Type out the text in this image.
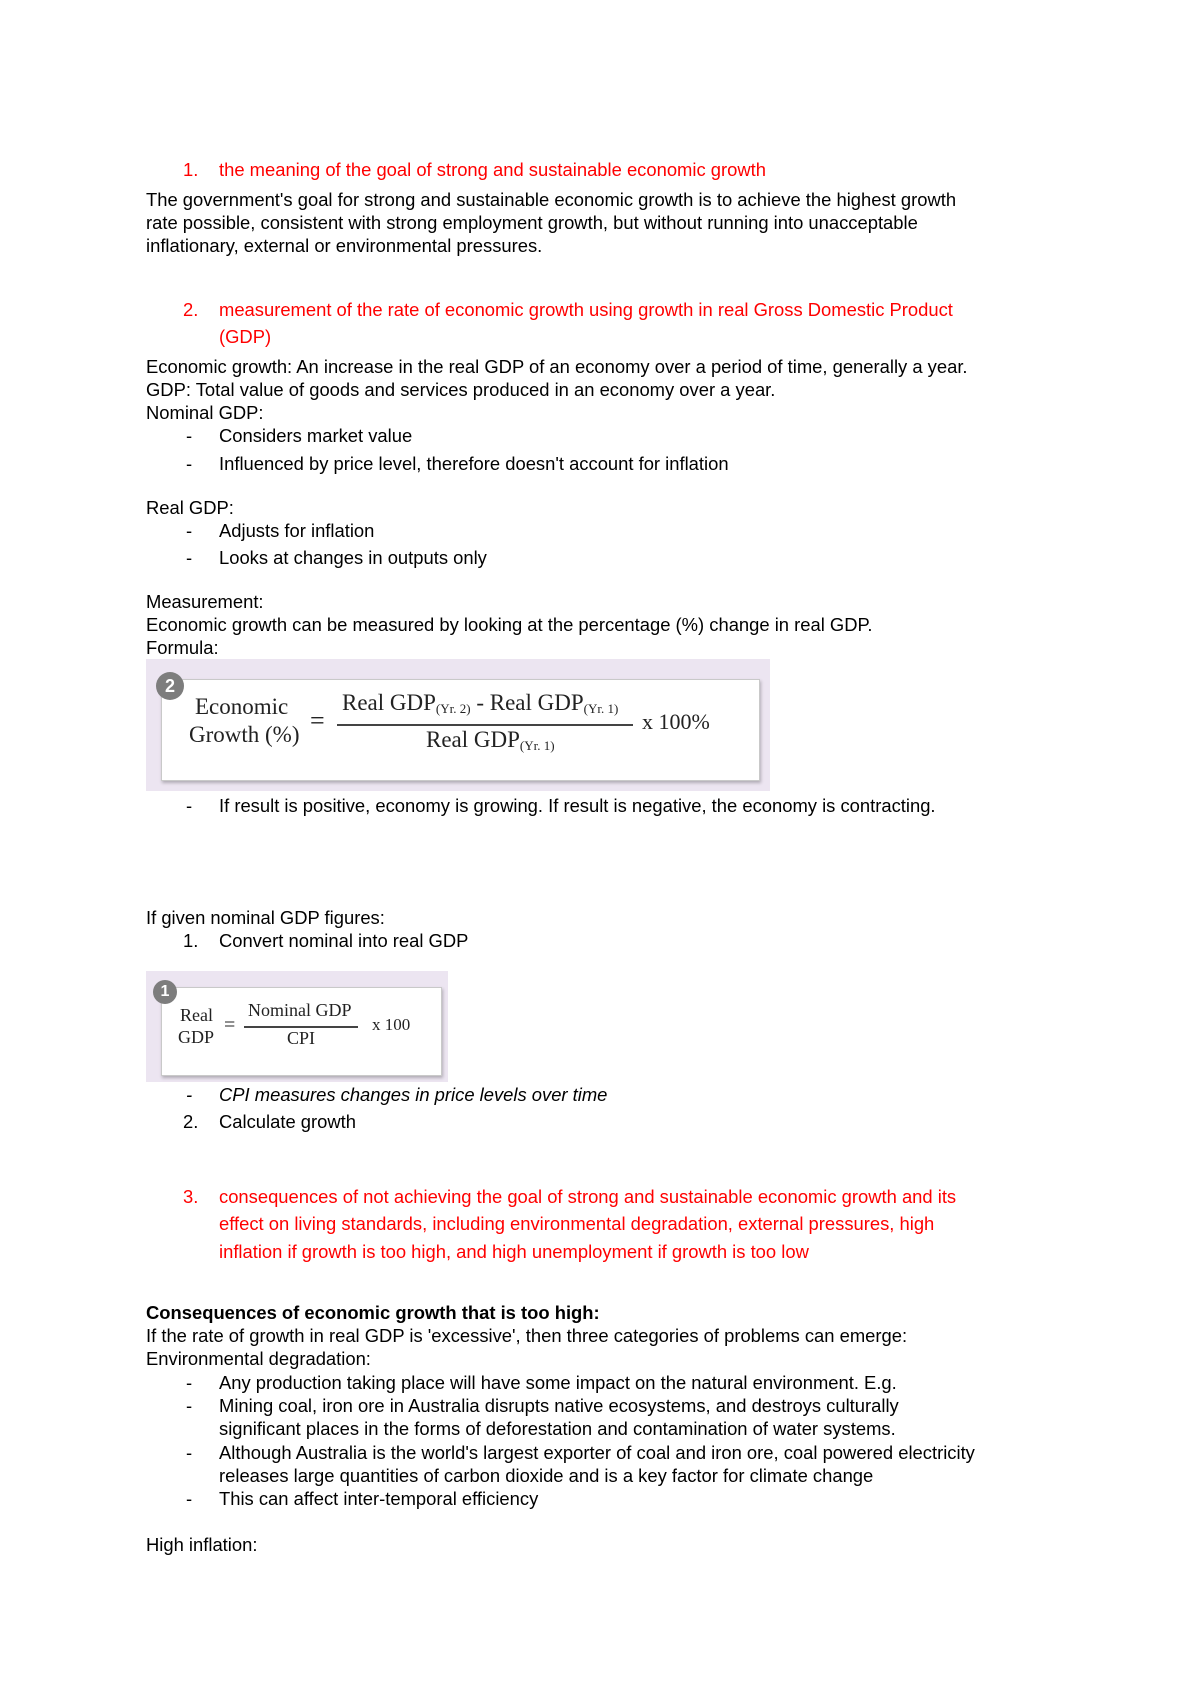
1.	the meaning of the goal of strong and sustainable economic growth

The government's goal for strong and sustainable economic growth is to achieve the highest growth

rate possible, consistent with strong employment growth, but without running into unacceptable

inflationary, external or environmental pressures.

2.	measurement of the rate of economic growth using growth in real Gross Domestic Product
(GDP)

Economic growth: An increase in the real GDP of an economy over a period of time, generally a year.

GDP: Total value of goods and services produced in an economy over a year.

Nominal GDP:

- Considers market value
- Influenced by price level, therefore doesn't account for inflation

Real GDP:

- Adjusts for inflation
- Looks at changes in outputs only

Measurement:

Economic growth can be measured by looking at the percentage (%) change in real GDP.

Formula:

Economic
Growth (%) =
Real $GDP_{(Yr. 2)}$ - Real $GDP_{(Yr. 1)}$
Real $GDP_{(Yr. 1)}$
x 100%
2
- If result is positive, economy is growing. If result is negative, the economy is contracting.

If given nominal GDP figures:

1.	Convert nominal into real GDP
Real
GDP
=
Nominal GDP
CPI
x 100
1
- CPI measures changes in price levels over time
2.	Calculate growth
3.	consequences of not achieving the goal of strong and sustainable economic growth and its
effect on living standards, including environmental degradation, external pressures, high
inflation if growth is too high, and high unemployment if growth is too low

Consequences of economic growth that is too high:

If the rate of growth in real GDP is 'excessive', then three categories of problems can emerge:

Environmental degradation:

- Any production taking place will have some impact on the natural environment. E.g.
- Mining coal, iron ore in Australia disrupts native ecosystems, and destroys culturally
significant places in the forms of deforestation and contamination of water systems.
- Although Australia is the world's largest exporter of coal and iron ore, coal powered electricity
releases large quantities of carbon dioxide and is a key factor for climate change
- This can affect inter-temporal efficiency

High inflation:
